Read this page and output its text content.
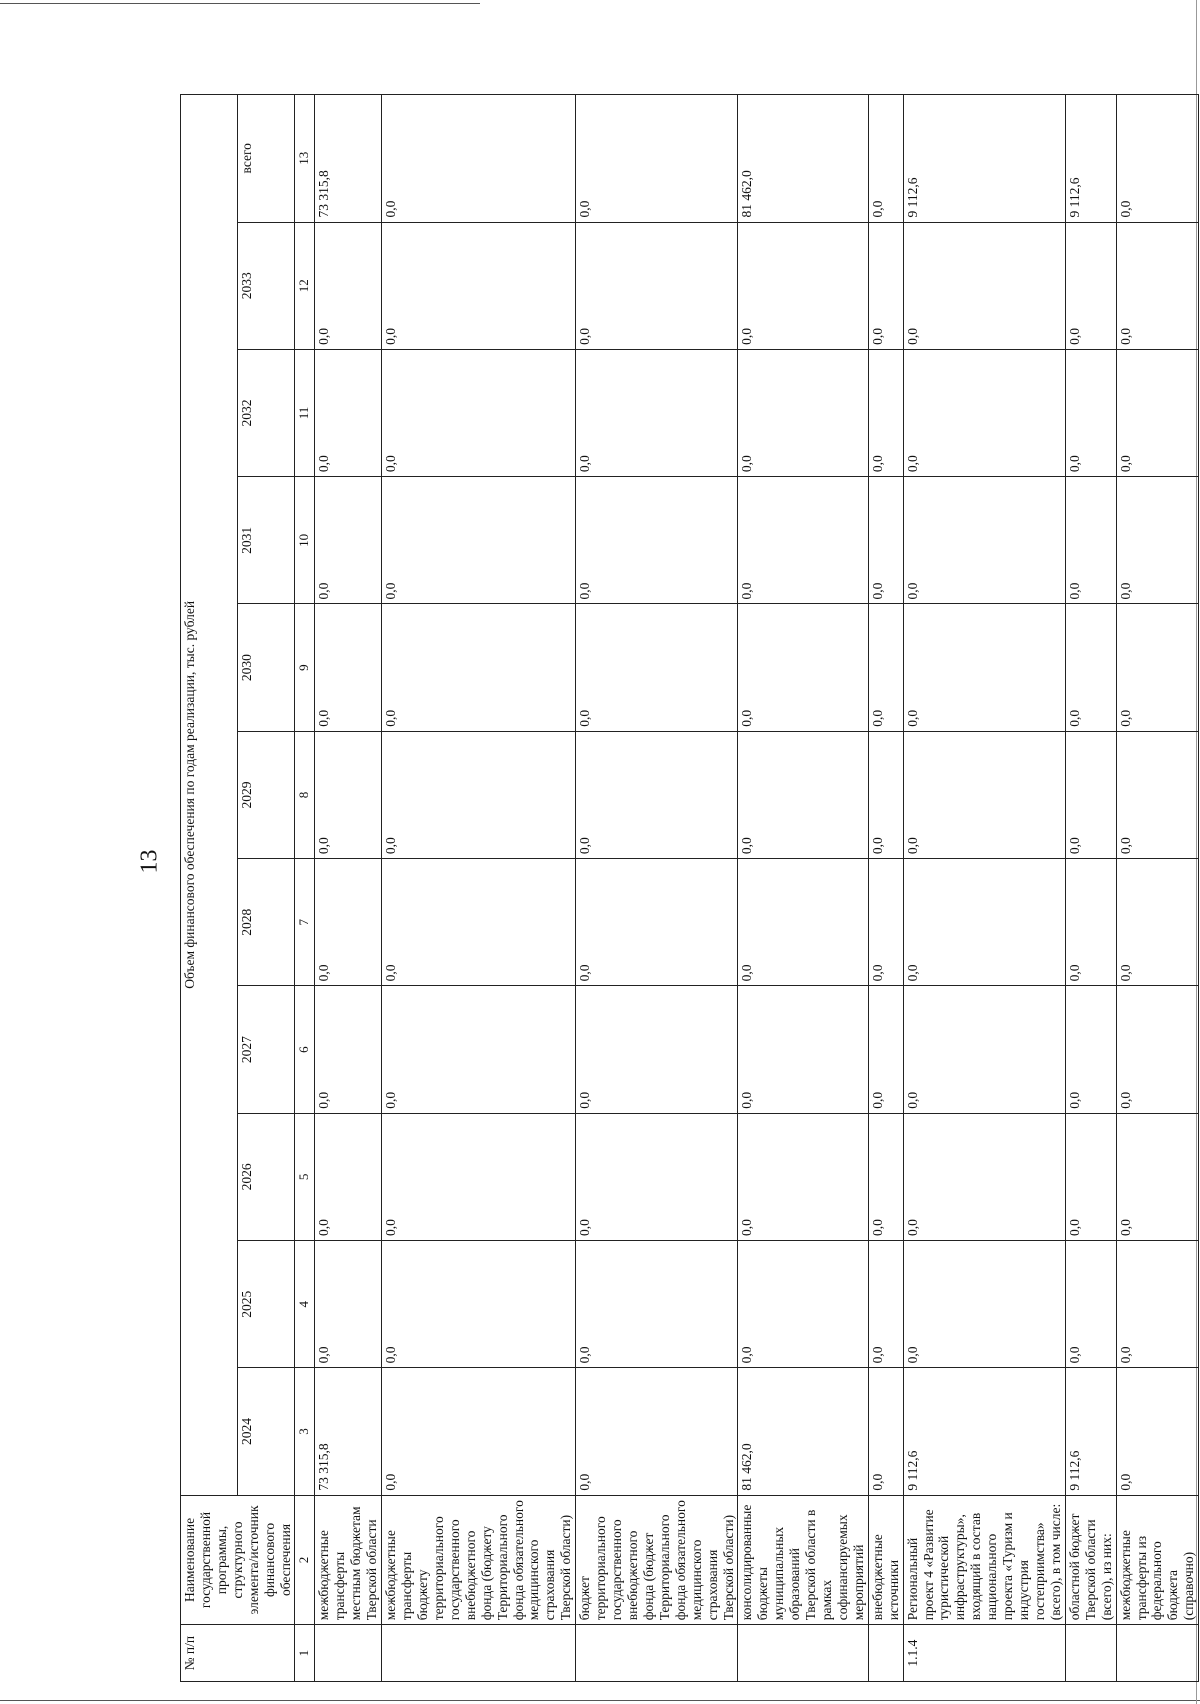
13
№ п/п	Наименование государственной программы, структурного элемента/источник финансового обеспечения	Объем финансового обеспечения по годам реализации, тыс. рублей										
		2024	2025	2026	2027	2028	2029	2030	2031	2032	2033	всего
1	2	3	4	5	6	7	8	9	10	11	12	13
	межбюджетные трансферты местным бюджетам Тверской области	73 315,8	0,0	0,0	0,0	0,0	0,0	0,0	0,0	0,0	0,0	73 315,8
	межбюджетные трансферты бюджету территориального государственного внебюджетного фонда (бюджету Территориального фонда обязательного медицинского страхования Тверской области)	0,0	0,0	0,0	0,0	0,0	0,0	0,0	0,0	0,0	0,0	0,0
	бюджет территориального государственного внебюджетного фонда (бюджет Территориального фонда обязательного медицинского страхования Тверской области)	0,0	0,0	0,0	0,0	0,0	0,0	0,0	0,0	0,0	0,0	0,0
	консолидированные бюджеты муниципальных образований Тверской области в рамках софинансируемых мероприятий	81 462,0	0,0	0,0	0,0	0,0	0,0	0,0	0,0	0,0	0,0	81 462,0
	внебюджетные источники	0,0	0,0	0,0	0,0	0,0	0,0	0,0	0,0	0,0	0,0	0,0
1.1.4	Региональный проект 4 «Развитие туристической инфраструктуры», входящий в состав национального проекта «Туризм и индустрия гостеприимства» (всего), в том числе:	9 112,6	0,0	0,0	0,0	0,0	0,0	0,0	0,0	0,0	0,0	9 112,6
	областной бюджет Тверской области (всего), из них:	9 112,6	0,0	0,0	0,0	0,0	0,0	0,0	0,0	0,0	0,0	9 112,6
	межбюджетные трансферты из федерального бюджета (справочно)	0,0	0,0	0,0	0,0	0,0	0,0	0,0	0,0	0,0	0,0	0,0
